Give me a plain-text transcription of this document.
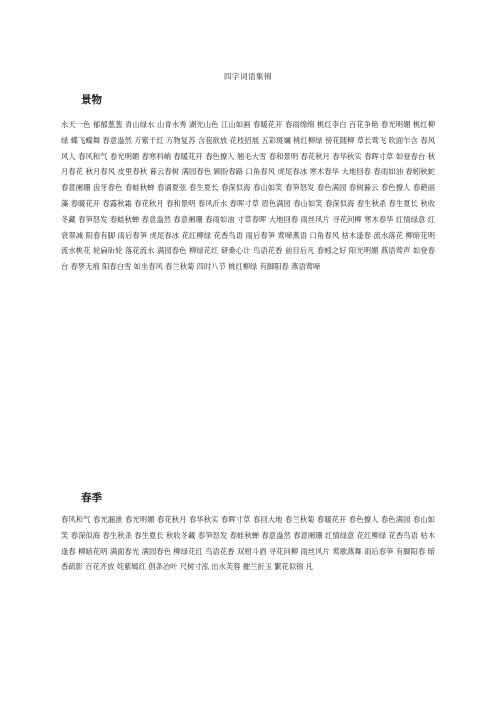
四字词语集锦
景物
水天一色 郁郁葱葱 青山绿水 山青水秀 湖光山色 江山如画 春暖花开 春雨绵绵 桃红李白 百花争艳 春光明媚 桃红柳绿 蝶飞蝶舞 春意盎然 万紫千红 万物复苏 含苞欲放 花枝招展 五彩斑斓 桃红柳绿 傍花随柳 草长莺飞 吹面乍含 春风风人 春风和气 春光明媚 春寒料峭 春暖花开 春色撩人 翘毛大雪 春和景明 春花秋月 春华秋实 春晖寸草 如登春台 秋月春花 秋月春风 皮里春秋 暮云春树 满园春色 顾盼春路 口角春风 虎尾春冰 寒木春华 大地回春 春雨如油 春蚓秋蛇 春意阑珊 齿牙春色 春蛙秋蝉 春诵夏弦 春生夏长 春深似海 春山如笑 春笋怒发 春色满园 春树暮云 春色撩人 春葩丽藻 春暖花开 春露秋霜 春花秋月 春和景明 春风沂水 春晖寸草 眉色满园 春山如笑 春深似海 春生秋杀 春生夏长 秋收冬藏 春笋怒发 春蛙秋蝉 春意盎然 春意阑珊 春雨如油 寸草春晖 大地回春 雨丝风片 寻花问柳 寒木春华 红情绿意 红衰翠减 阳春有脚 雨后春笋 虎尾春冰 花红柳绿 花香鸟语 雨后春笋 莺啼燕语 口角春风 枯木逢春 流水落花 柳暗花明 流水桃花 轮扁斫轮 落花流水 满园春色 柳绿花红 研桑心计 鸟语花香 前目后凡 春蚓之好 阳光明媚 燕语莺声 如登春台 春梦无痕 阳春白雪 如坐春风 春兰秋菊 四时八节 桃红柳绿 有脚阳春 燕语莺啼
春季
春风和气 春光漏泄 春光明媚 春花秋月 春华秋实 春晖寸草 春回大地 春兰秋菊 春暖花开 春色撩人 春色满园 春山如笑 春深似海 春生秋杀 春生夏长 秋收冬藏 春笋怒发 春蛙秋蝉 春意盎然 春意阑珊 红情绿意 花红柳绿 花香鸟语 枯木逢春 柳暗花明 满面春光 满园春色 柳绿花红 鸟语花香 双柑斗酒 寻花问柳 雨丝风片 莺歌燕舞 雨后春笋 有脚阳春 暗香疏影 百花齐放 姹紫嫣红 倡条冶叶 尺树寸泓 出水芙蓉 摧兰折玉 繁花似锦 凡
